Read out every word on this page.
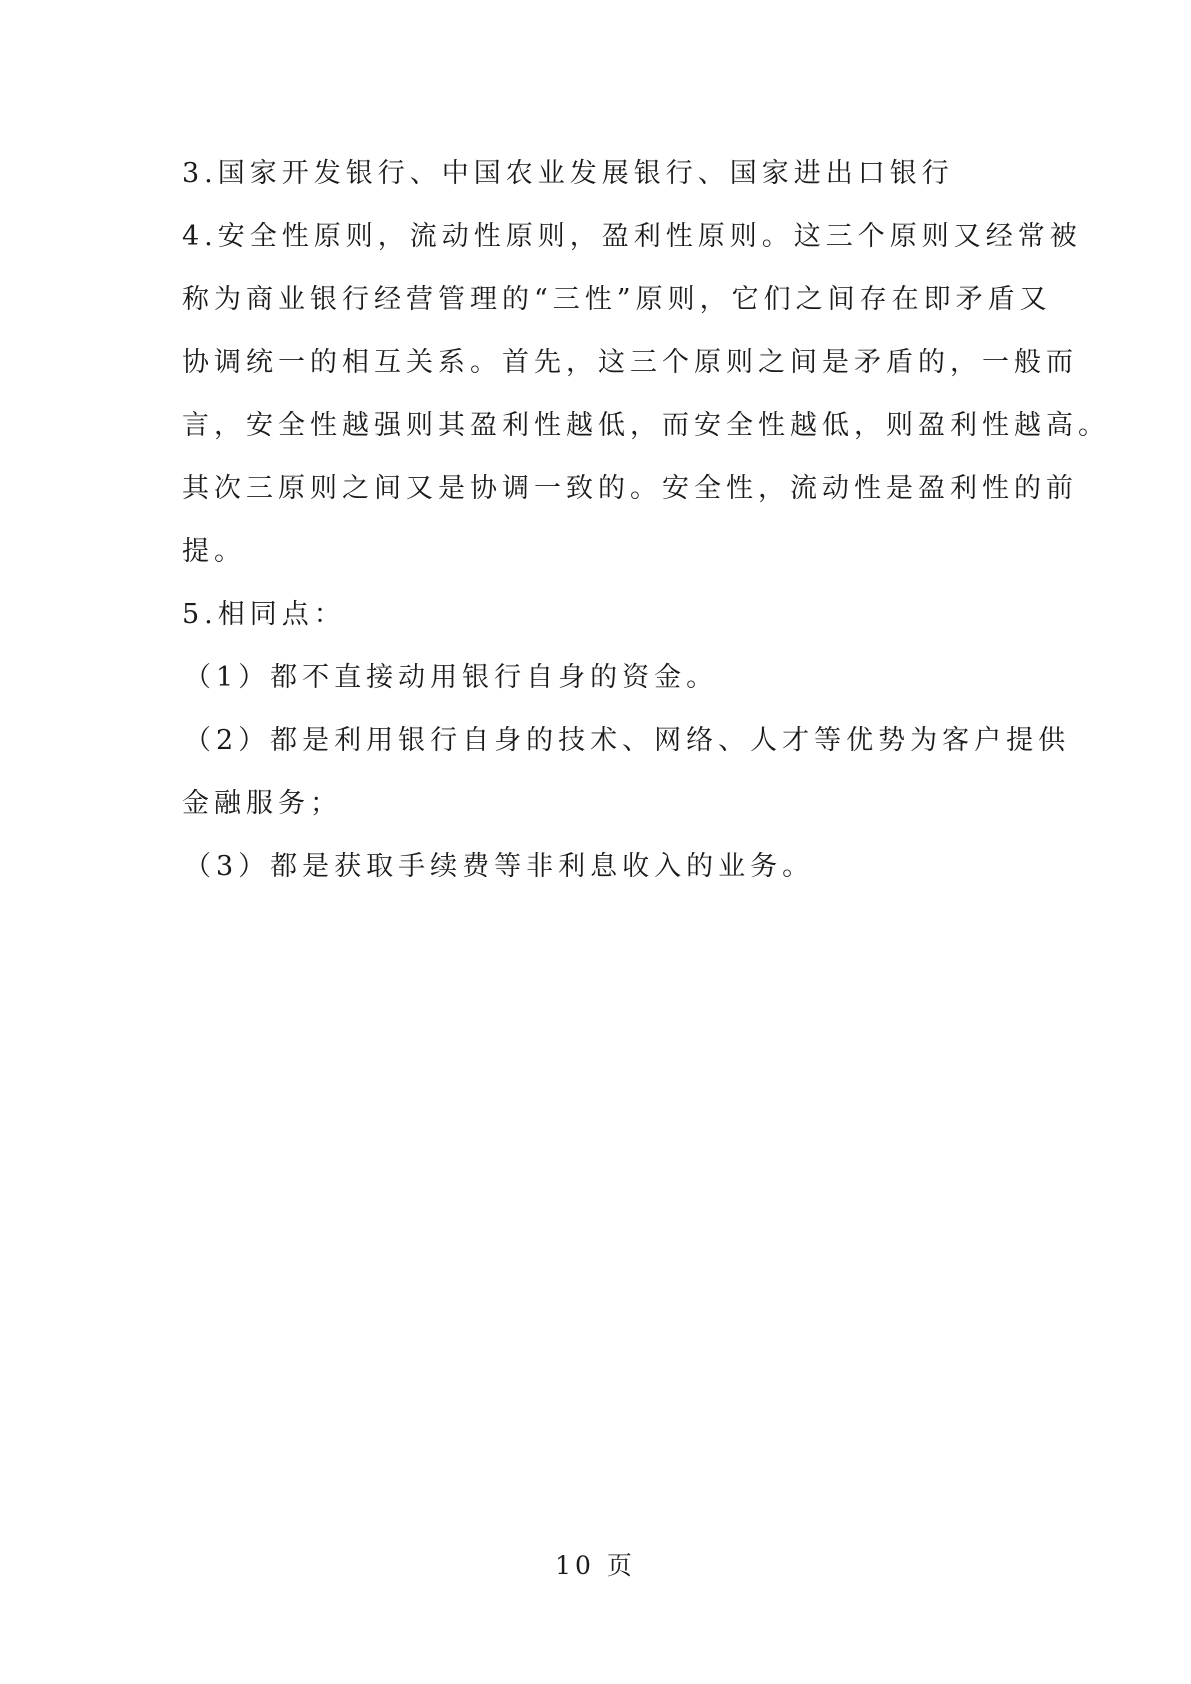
3.国家开发银行、中国农业发展银行、国家进出口银行
4.安全性原则，流动性原则，盈利性原则。这三个原则又经常被
称为商业银行经营管理的“三性”原则，它们之间存在即矛盾又
协调统一的相互关系。首先，这三个原则之间是矛盾的，一般而
言，安全性越强则其盈利性越低，而安全性越低，则盈利性越高。
其次三原则之间又是协调一致的。安全性，流动性是盈利性的前
提。
5.相同点：
（1）都不直接动用银行自身的资金。
（2）都是利用银行自身的技术、网络、人才等优势为客户提供
金融服务；
（3）都是获取手续费等非利息收入的业务。
10 页
